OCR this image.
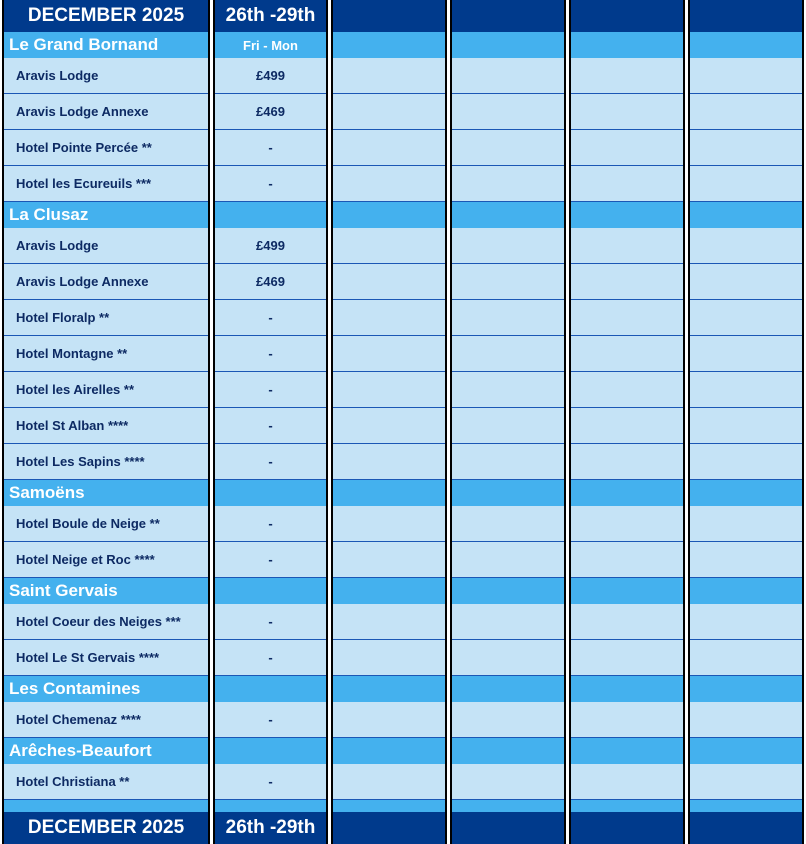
DECEMBER 2025
Le Grand Bornand
Aravis Lodge
Aravis Lodge Annexe
Hotel Pointe Percée **
Hotel les Ecureuils ***
La Clusaz
Aravis Lodge
Aravis Lodge Annexe
Hotel Floralp **
Hotel Montagne **
Hotel les Airelles **
Hotel St Alban ****
Hotel Les Sapins ****
Samoëns
Hotel Boule de Neige **
Hotel Neige et Roc ****
Saint Gervais
Hotel Coeur des Neiges ***
Hotel Le St Gervais ****
Les Contamines
Hotel Chemenaz ****
Arêches-Beaufort
Hotel Christiana **
DECEMBER 2025
26th -29th
Fri - Mon
£499
£469
-
-
£499
£469
-
-
-
-
-
-
-
-
-
-
-
26th -29th
